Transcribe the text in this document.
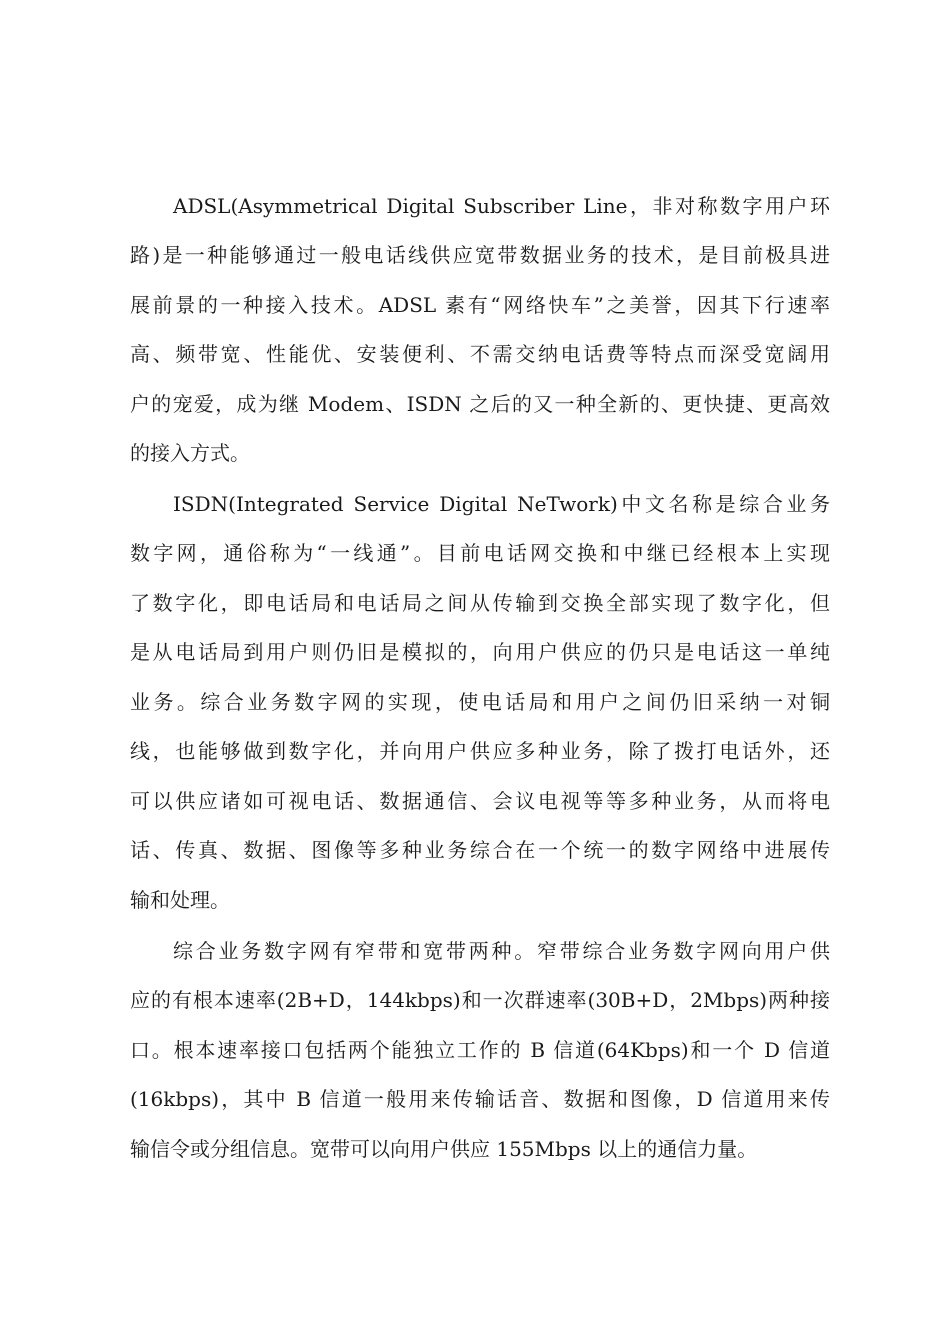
ADSL(Asymmetrical Digital Subscriber Line，非对称数字用户环
路)是一种能够通过一般电话线供应宽带数据业务的技术，是目前极具进
展前景的一种接入技术。ADSL 素有“网络快车”之美誉，因其下行速率
高、频带宽、性能优、安装便利、不需交纳电话费等特点而深受宽阔用
户的宠爱，成为继 Modem、ISDN 之后的又一种全新的、更快捷、更高效
的接入方式。
ISDN(Integrated Service Digital NeTwork)中文名称是综合业务
数字网，通俗称为“一线通”。目前电话网交换和中继已经根本上实现
了数字化，即电话局和电话局之间从传输到交换全部实现了数字化，但
是从电话局到用户则仍旧是模拟的，向用户供应的仍只是电话这一单纯
业务。综合业务数字网的实现，使电话局和用户之间仍旧采纳一对铜
线，也能够做到数字化，并向用户供应多种业务，除了拨打电话外，还
可以供应诸如可视电话、数据通信、会议电视等等多种业务，从而将电
话、传真、数据、图像等多种业务综合在一个统一的数字网络中进展传
输和处理。
综合业务数字网有窄带和宽带两种。窄带综合业务数字网向用户供
应的有根本速率(2B+D，144kbps)和一次群速率(30B+D，2Mbps)两种接
口。根本速率接口包括两个能独立工作的 B 信道(64Kbps)和一个 D 信道
(16kbps)，其中 B 信道一般用来传输话音、数据和图像，D 信道用来传
输信令或分组信息。宽带可以向用户供应 155Mbps 以上的通信力量。
